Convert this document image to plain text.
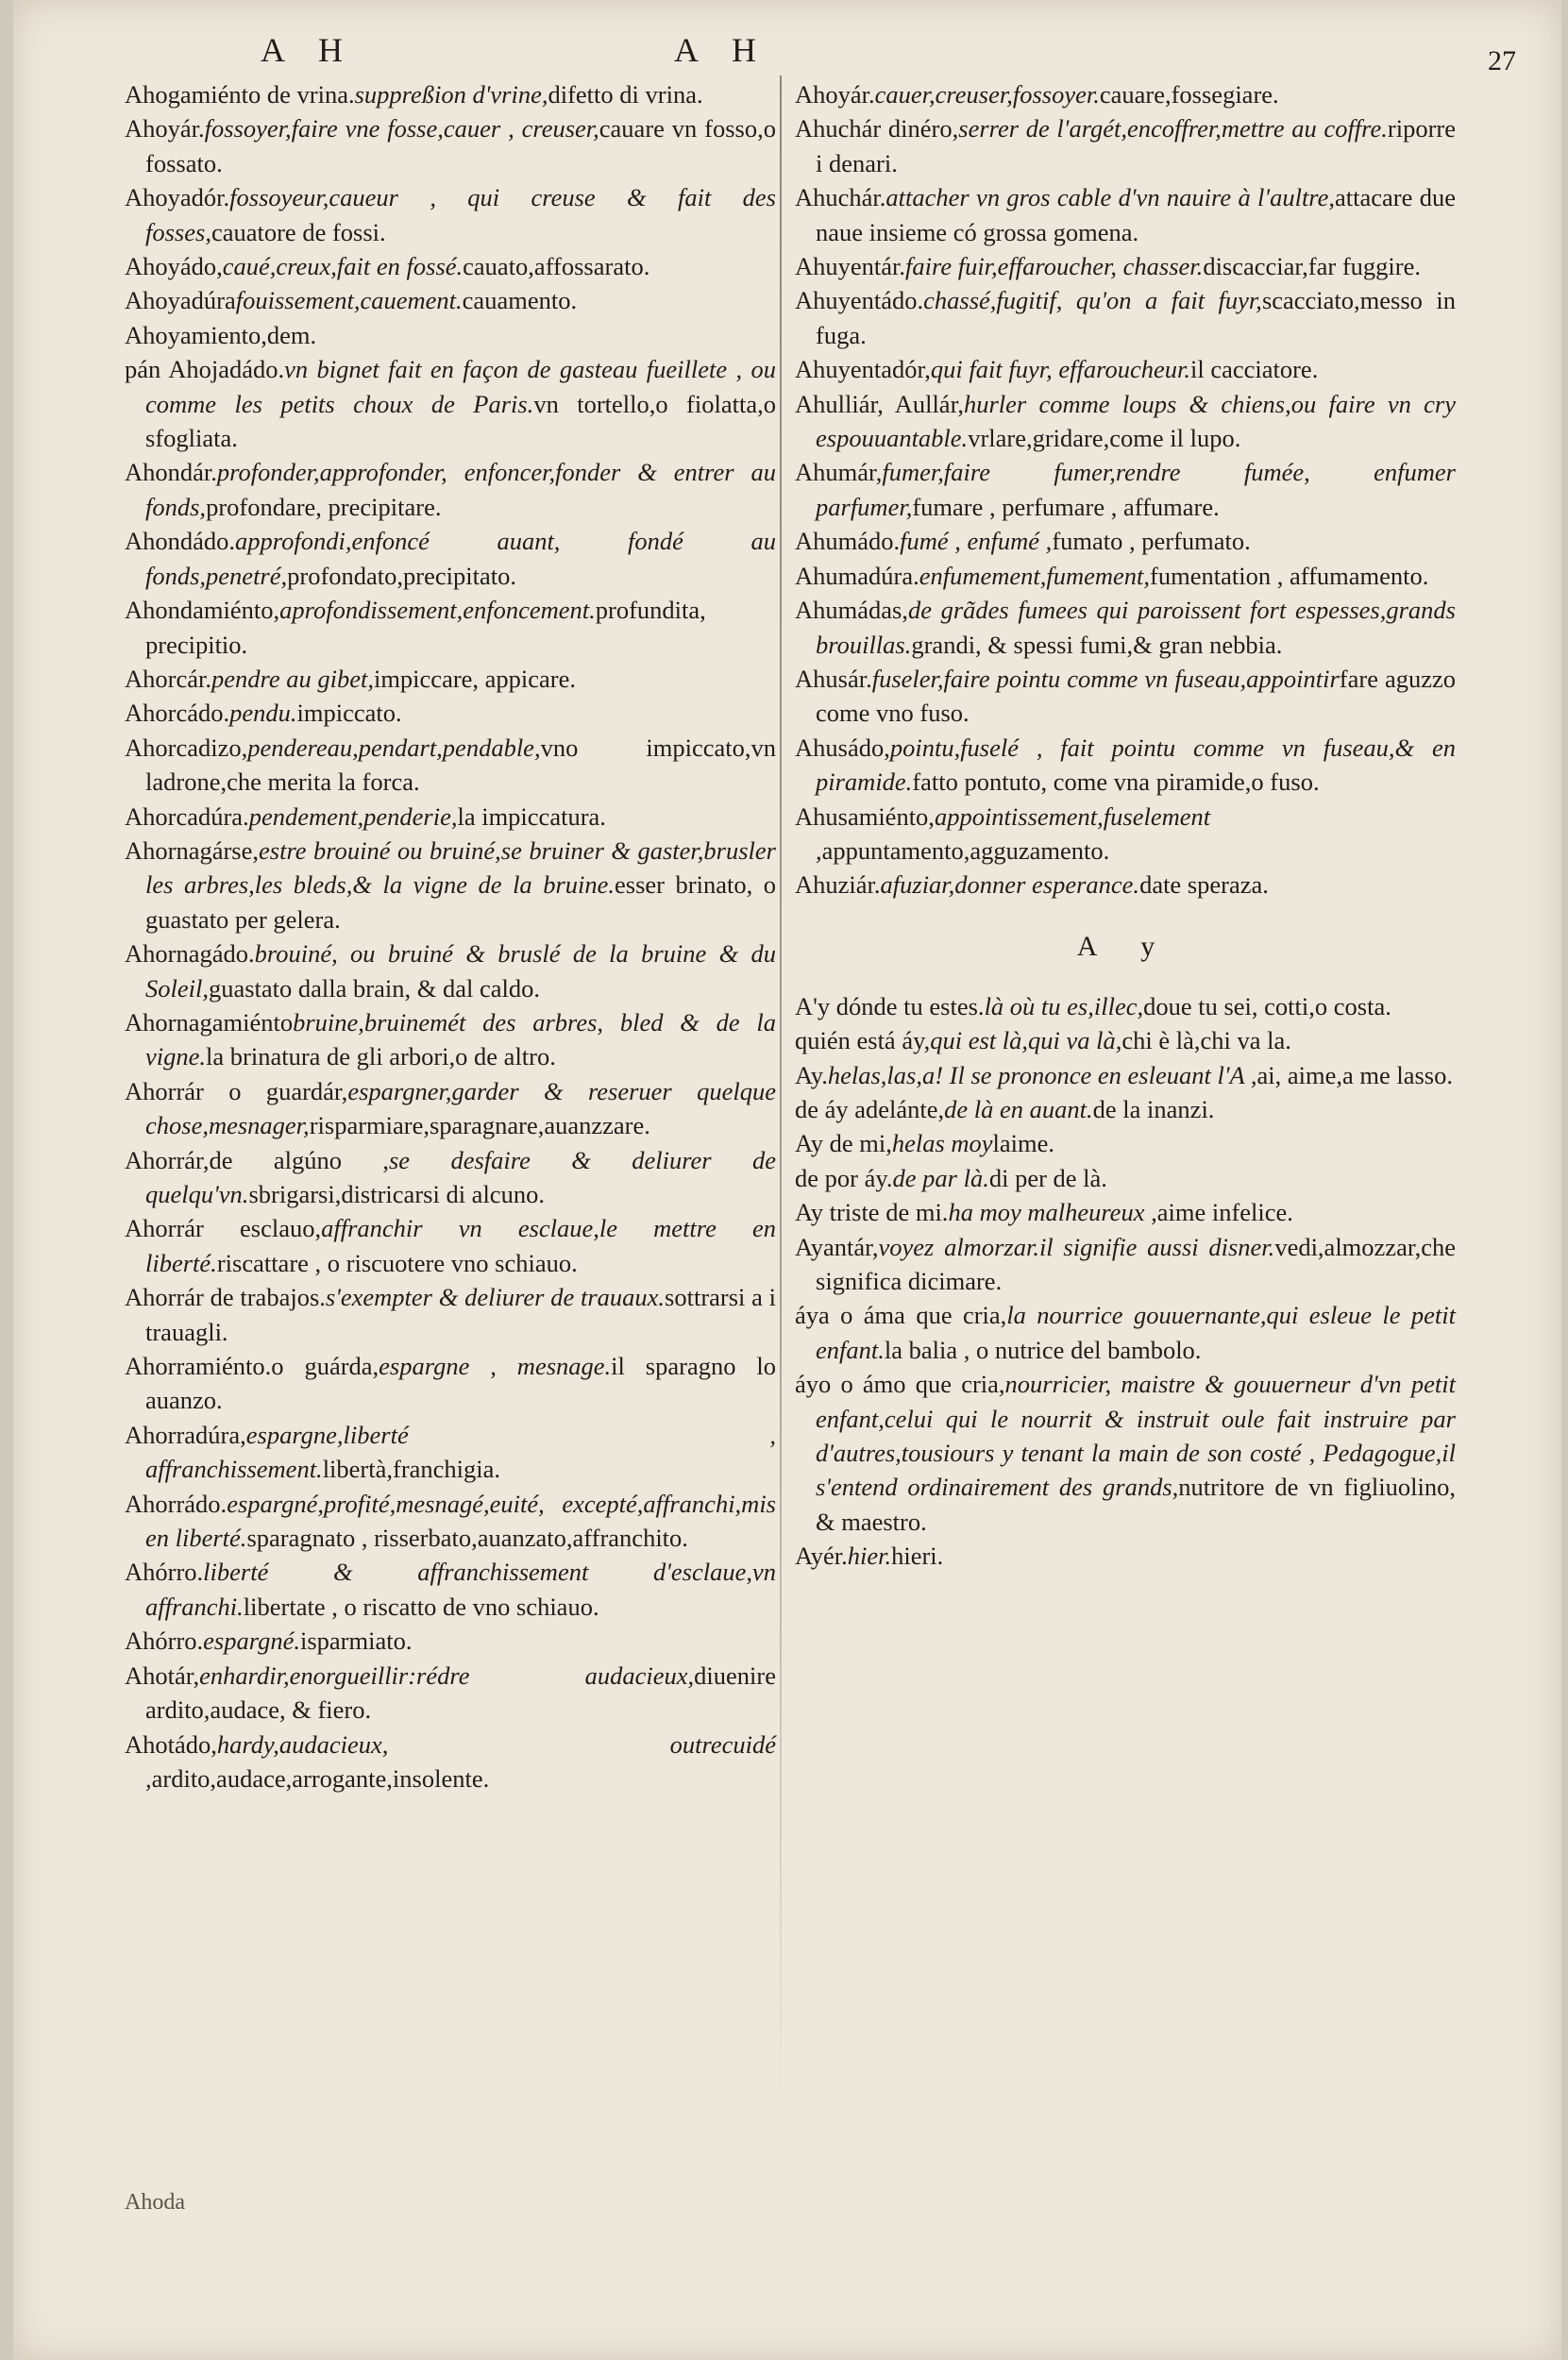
A H	A H	27

Ahogamiénto de vrina.suppreßion d'vrine,difetto di vrina.

Ahoyár.fossoyer,faire vne fosse,cauer , creuser,cauare vn fosso,o fossato.

Ahoyadór.fossoyeur,caueur , qui creuse & fait des fosses,cauatore de fossi.

Ahoyádo,caué,creux,fait en fossé.cauato,affossarato.

Ahoyadúrafouissement,cauement.cauamento.

Ahoyamiento,dem.

pán Ahojadádo.vn bignet fait en façon de gasteau fueillete , ou comme les petits choux de Paris.vn tortello,o fiolatta,o sfogliata.

Ahondár.profonder,approfonder, enfoncer,fonder & entrer au fonds,profondare, precipitare.

Ahondádo.approfondi,enfoncé auant, fondé au fonds,penetré,profondato,precipitato.

Ahondamiénto,aprofondissement,enfoncement.profundita, precipitio.

Ahorcár.pendre au gibet,impiccare, appicare.

Ahorcádo.pendu.impiccato.

Ahorcadizo,pendereau,pendart,pendable,vno impiccato,vn ladrone,che merita la forca.

Ahorcadúra.pendement,penderie,la impiccatura.

Ahornagárse,estre brouiné ou bruiné,se bruiner & gaster,brusler les arbres,les bleds,& la vigne de la bruine.esser brinato, o guastato per gelera.

Ahornagádo.brouiné, ou bruiné & bruslé de la bruine & du Soleil,guastato dalla brain, & dal caldo.

Ahornagamiéntobruine,bruinemét des arbres, bled & de la vigne.la brinatura de gli arbori,o de altro.

Ahorrár o guardár,espargner,garder & reseruer quelque chose,mesnager,risparmiare,sparagnare,auanzzare.

Ahorrár,de algúno ,se desfaire & deliurer de quelqu'vn.sbrigarsi,districarsi di alcuno.

Ahorrár esclauo,affranchir vn esclaue,le mettre en liberté.riscattare , o riscuotere vno schiauo.

Ahorrár de trabajos.s'exempter & deliurer de trauaux.sottrarsi a i trauagli.

Ahorramiénto.o guárda,espargne , mesnage.il sparagno lo auanzo.

Ahorradúra,espargne,liberté , affranchissement.libertà,franchigia.

Ahorrádo.espargné,profité,mesnagé,euité, excepté,affranchi,mis en liberté.sparagnato , risserbato,auanzato,affranchito.

Ahórro.liberté & affranchissement d'esclaue,vn affranchi.libertate , o riscatto de vno schiauo.

Ahórro.espargné.isparmiato.

Ahotár,enhardir,enorgueillir:rédre audacieux,diuenire ardito,audace, & fiero.

Ahotádo,hardy,audacieux, outrecuidé ,ardito,audace,arrogante,insolente.

Ahoyár.cauer,creuser,fossoyer.cauare,fossegiare.

Ahuchár dinéro,serrer de l'argét,encoffrer,mettre au coffre.riporre i denari.

Ahuchár.attacher vn gros cable d'vn nauire à l'aultre,attacare due naue insieme có grossa gomena.

Ahuyentár.faire fuir,effaroucher, chasser.discacciar,far fuggire.

Ahuyentádo.chassé,fugitif, qu'on a fait fuyr,scacciato,messo in fuga.

Ahuyentadór,qui fait fuyr, effaroucheur.il cacciatore.

Ahulliár, Aullár,hurler comme loups & chiens,ou faire vn cry espouuantable.vrlare,gridare,come il lupo.

Ahumár,fumer,faire fumer,rendre fumée, enfumer parfumer,fumare , perfumare , affumare.

Ahumádo.fumé , enfumé ,fumato , perfumato.

Ahumadúra.enfumement,fumement,fumentation , affumamento.

Ahumádas,de grãdes fumees qui paroissent fort espesses,grands brouillas.grandi, & spessi fumi,& gran nebbia.

Ahusár.fuseler,faire pointu comme vn fuseau,appointirfare aguzzo come vno fuso.

Ahusádo,pointu,fuselé , fait pointu comme vn fuseau,& en piramide.fatto pontuto, come vna piramide,o fuso.

Ahusamiénto,appointissement,fuselement ,appuntamento,agguzamento.

Ahuziár.afuziar,donner esperance.date speraza.

A y

A'y dónde tu estes.là où tu es,illec,doue tu sei, cotti,o costa.

quién está áy,qui est là,qui va là,chi è là,chi va la.

Ay.helas,las,a! Il se prononce en esleuant l'A ,ai, aime,a me lasso.

de áy adelánte,de là en auant.de la inanzi.

Ay de mi,helas moylaime.

de por áy.de par là.di per de là.

Ay triste de mi.ha moy malheureux ,aime infelice.

Ayantár,voyez almorzar.il signifie aussi disner.vedi,almozzar,che significa dicimare.

áya o áma que cria,la nourrice gouuernante,qui esleue le petit enfant.la balia , o nutrice del bambolo.

áyo o ámo que cria,nourricier, maistre & gouuerneur d'vn petit enfant,celui qui le nourrit & instruit oule fait instruire par d'autres,tousiours y tenant la main de son costé , Pedagogue,il s'entend ordinairement des grands,nutritore de vn figliuolino, & maestro.

Ayér.hier.hieri.

Ahoda
